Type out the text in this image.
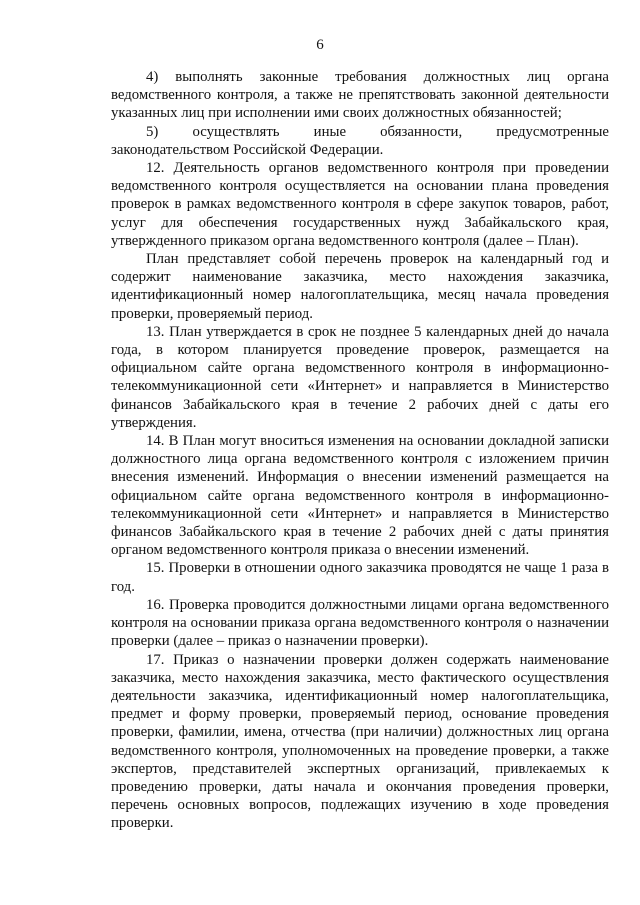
6

4) выполнять законные требования должностных лиц органа ведомственного контроля, а также не препятствовать законной деятельности указанных лиц при исполнении ими своих должностных обязанностей;

5) осуществлять иные обязанности, предусмотренные законодательством Российской Федерации.

12. Деятельность органов ведомственного контроля при проведении ведомственного контроля осуществляется на основании плана проведения проверок в рамках ведомственного контроля в сфере закупок товаров, работ, услуг для обеспечения государственных нужд Забайкальского края, утвержденного приказом органа ведомственного контроля (далее – План).

План представляет собой перечень проверок на календарный год и содержит наименование заказчика, место нахождения заказчика, идентификационный номер налогоплательщика, месяц начала проведения проверки, проверяемый период.

13. План утверждается в срок не позднее 5 календарных дней до начала года, в котором планируется проведение проверок, размещается на официальном сайте органа ведомственного контроля в информационно-телекоммуникационной сети «Интернет» и направляется в Министерство финансов Забайкальского края в течение 2 рабочих дней с даты его утверждения.

14. В План могут вноситься изменения на основании докладной записки должностного лица органа ведомственного контроля с изложением причин внесения изменений. Информация о внесении изменений размещается на официальном сайте органа ведомственного контроля в информационно-телекоммуникационной сети «Интернет» и направляется в Министерство финансов Забайкальского края в течение 2 рабочих дней с даты принятия органом ведомственного контроля приказа о внесении изменений.

15. Проверки в отношении одного заказчика проводятся не чаще 1 раза в год.

16. Проверка проводится должностными лицами органа ведомственного контроля на основании приказа органа ведомственного контроля о назначении проверки (далее – приказ о назначении проверки).

17. Приказ о назначении проверки должен содержать наименование заказчика, место нахождения заказчика, место фактического осуществления деятельности заказчика, идентификационный номер налогоплательщика, предмет и форму проверки, проверяемый период, основание проведения проверки, фамилии, имена, отчества (при наличии) должностных лиц органа ведомственного контроля, уполномоченных на проведение проверки, а также экспертов, представителей экспертных организаций, привлекаемых к проведению проверки, даты начала и окончания проведения проверки, перечень основных вопросов, подлежащих изучению в ходе проведения проверки.
